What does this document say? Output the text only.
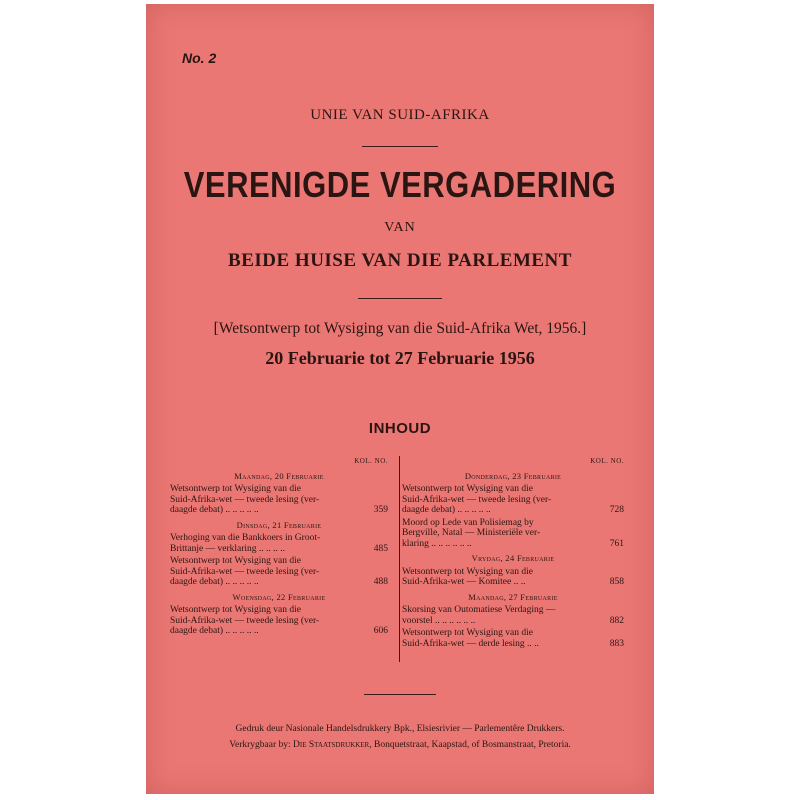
No. 2
UNIE VAN SUID-AFRIKA
VERENIGDE VERGADERING
VAN
BEIDE HUISE VAN DIE PARLEMENT
[Wetsontwerp tot Wysiging van die Suid-Afrika Wet, 1956.]
20 Februarie tot 27 Februarie 1956
INHOUD
KOL. NO.
Maandag, 20 Februarie
Wetsontwerp tot Wysiging van die
Suid-Afrika-wet — tweede lesing (ver-
daagde debat) .. .. .. .. ..	359
Dinsdag, 21 Februarie
Verhoging van die Bankkoers in Groot-
Brittanje — verklaring .. .. .. ..	485
Wetsontwerp tot Wysiging van die
Suid-Afrika-wet — tweede lesing (ver-
daagde debat) .. .. .. .. ..	488
Woensdag, 22 Februarie
Wetsontwerp tot Wysiging van die
Suid-Afrika-wet — tweede lesing (ver-
daagde debat) .. .. .. .. ..	606
KOL. NO.
Donderdag, 23 Februarie
Wetsontwerp tot Wysiging van die
Suid-Afrika-wet — tweede lesing (ver-
daagde debat) .. .. .. .. ..	728
Moord op Lede van Polisiemag by
Bergville, Natal — Ministeriële ver-
klaring .. .. .. .. .. ..	761
Vrydag, 24 Februarie
Wetsontwerp tot Wysiging van die
Suid-Afrika-wet — Komitee .. ..	858
Maandag, 27 Februarie
Skorsing van Outomatiese Verdaging —
voorstel .. .. .. .. .. ..	882
Wetsontwerp tot Wysiging van die
Suid-Afrika-wet — derde lesing .. ..	883
Gedruk deur Nasionale Handelsdrukkery Bpk., Elsiesrivier — Parlementêre Drukkers.
Verkrygbaar by: Die Staatsdrukker, Bonquetstraat, Kaapstad, of Bosmanstraat, Pretoria.
